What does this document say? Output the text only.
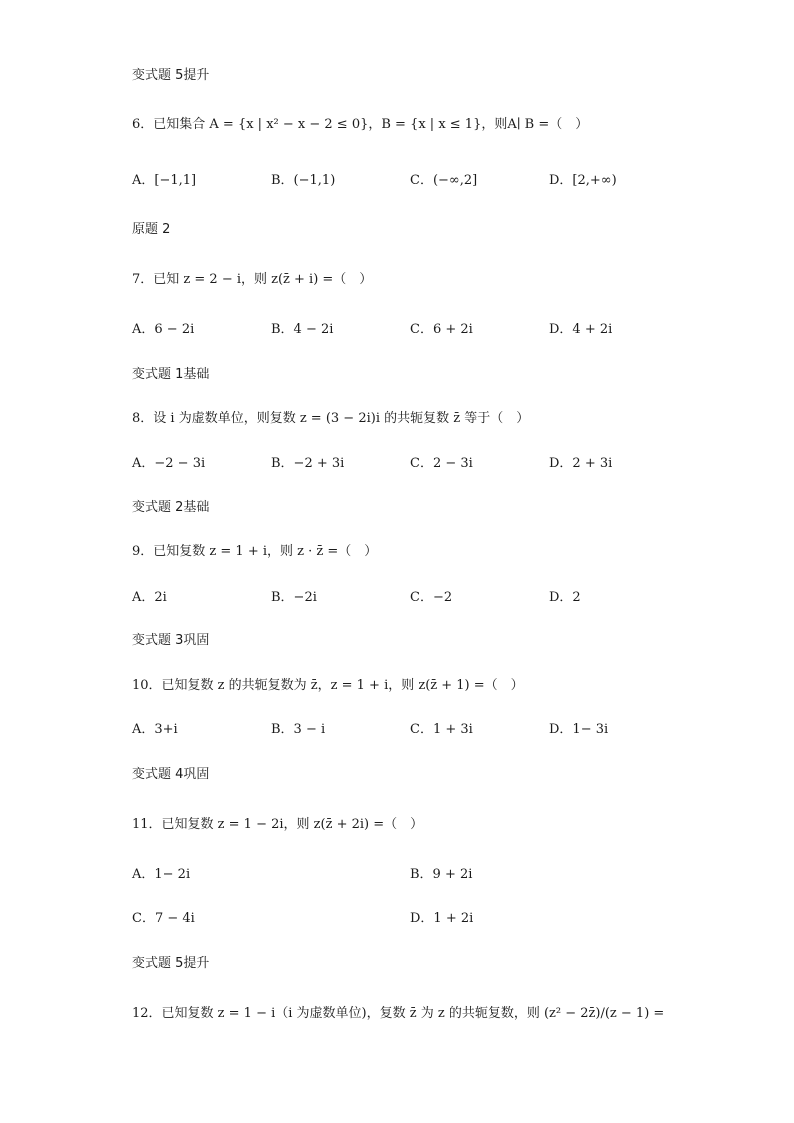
变式题 5提升
6．已知集合 A = {x | x² − x − 2 ≤ 0}，B = {x | x ≤ 1}，则A∣ B =（　）
A．[−1,1]	B．(−1,1)	C．(−∞,2]	D．[2,+∞)
原题 2
7．已知 z = 2 − i，则 z(z̄ + i) =（　）
A．6 − 2i	B．4 − 2i	C．6 + 2i	D．4 + 2i
变式题 1基础
8．设 i 为虚数单位，则复数 z = (3 − 2i)i 的共轭复数 z̄ 等于（　）
A．−2 − 3i	B．−2 + 3i	C．2 − 3i	D．2 + 3i
变式题 2基础
9．已知复数 z = 1 + i，则 z · z̄ =（　）
A．2i	B．−2i	C．−2	D．2
变式题 3巩固
10．已知复数 z 的共轭复数为 z̄，z = 1 + i，则 z(z̄ + 1) =（　）
A．3+i	B．3 − i	C．1 + 3i	D．1− 3i
变式题 4巩固
11．已知复数 z = 1 − 2i，则 z(z̄ + 2i) =（　）
A．1− 2i	B．9 + 2i
C．7 − 4i	D．1 + 2i
变式题 5提升
12．已知复数 z = 1 − i（i 为虚数单位)，复数 z̄ 为 z 的共轭复数，则 (z² − 2z̄)/(z − 1) =
